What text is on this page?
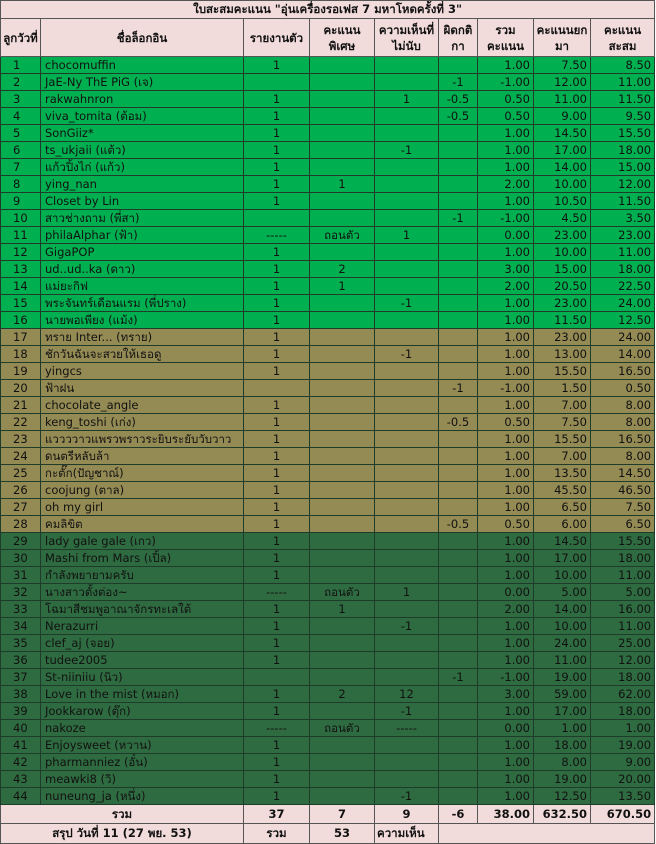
ใบสะสมคะแนน "อุ่นเครื่องรอเฟส 7 มหาโหดครั้งที่ 3"								
ลูกวัวที่	ชื่อล็อกอิน	รายงานตัว	คะแนนพิเศษ	ความเห็นที่ไม่นับ	ผิดกติกา	รวมคะแนน	คะแนนยกมา	คะแนนสะสม
1	chocomuffin	1				1.00	7.50	8.50
2	JaE-Ny ThE PiG (เจ)				-1	-1.00	12.00	11.00
3	rakwahnron	1		1	-0.5	0.50	11.00	11.50
4	viva_tomita (ต้อม)	1			-0.5	0.50	9.00	9.50
5	SonGiiz*	1				1.00	14.50	15.50
6	ts_ukjaii (แต้ว)	1		-1		1.00	17.00	18.00
7	แก้วปิ้งไก่ (แก้ว)	1				1.00	14.00	15.00
8	ying_nan	1	1			2.00	10.00	12.00
9	Closet by Lin	1				1.00	10.50	11.50
10	สาวช่างถาม (พี่สา)				-1	-1.00	4.50	3.50
11	philaAlphar (ฟ้า)	-----	ถอนตัว	1		0.00	23.00	23.00
12	GigaPOP	1				1.00	10.00	11.00
13	ud..ud..ka (ดาว)	1	2			3.00	15.00	18.00
14	แม่ยะกิฟ	1	1			2.00	20.50	22.50
15	พระจันทร์เดือนแรม (พี่ปราง)	1		-1		1.00	23.00	24.00
16	นายพอเพียง (แม้ง)	1				1.00	11.50	12.50
17	ทราย Inter... (ทราย)	1				1.00	23.00	24.00
18	ชักวันฉันจะสวยให้เธอดู	1		-1		1.00	13.00	14.00
19	yingcs	1				1.00	15.50	16.50
20	ฟ้าฝน				-1	-1.00	1.50	0.50
21	chocolate_angle	1				1.00	7.00	8.00
22	keng_toshi (เก่ง)	1			-0.5	0.50	7.50	8.00
23	แววววาวแพรวพราวระยิบระยับวับวาว	1				1.00	15.50	16.50
24	ดนตรีหลับล้า	1				1.00	7.00	8.00
25	กะตั๊ก(ปัญชาณ์)	1				1.00	13.50	14.50
26	coojung (ตาล)	1				1.00	45.50	46.50
27	oh my girl	1				1.00	6.50	7.50
28	คมลิขิต	1			-0.5	0.50	6.00	6.50
29	lady gale gale (เกว)	1				1.00	14.50	15.50
30	Mashi from Mars (เปิ้ล)	1				1.00	17.00	18.00
31	กำลังพยายามครับ	1				1.00	10.00	11.00
32	นางสาวตั้งต่อง~	-----	ถอนตัว	1		0.00	5.00	5.00
33	โฉมาสีชมพูอาณาจักรทะเลใต้	1	1			2.00	14.00	16.00
34	Nerazurri	1		-1		1.00	10.00	11.00
35	clef_aj (จอย)	1				1.00	24.00	25.00
36	tudee2005	1				1.00	11.00	12.00
37	St-niiniiu (นิว)				-1	-1.00	19.00	18.00
38	Love in the mist (หมอก)	1	2	12		3.00	59.00	62.00
39	Jookkarow (ตุ๊ก)	1		-1		1.00	17.00	18.00
40	nakoze	-----	ถอนตัว	-----		0.00	1.00	1.00
41	Enjoysweet (หวาน)	1				1.00	18.00	19.00
42	pharmanniez (อั๋น)	1				1.00	8.00	9.00
43	meawki8 (วิ)	1				1.00	19.00	20.00
44	nuneung_ja (หนึ่ง)	1		-1		1.00	12.50	13.50
รวม		37	7	9	-6	38.00	632.50	670.50
สรุป วันที่ 11 (27 พย. 53)		รวม	53	ความเห็น				
